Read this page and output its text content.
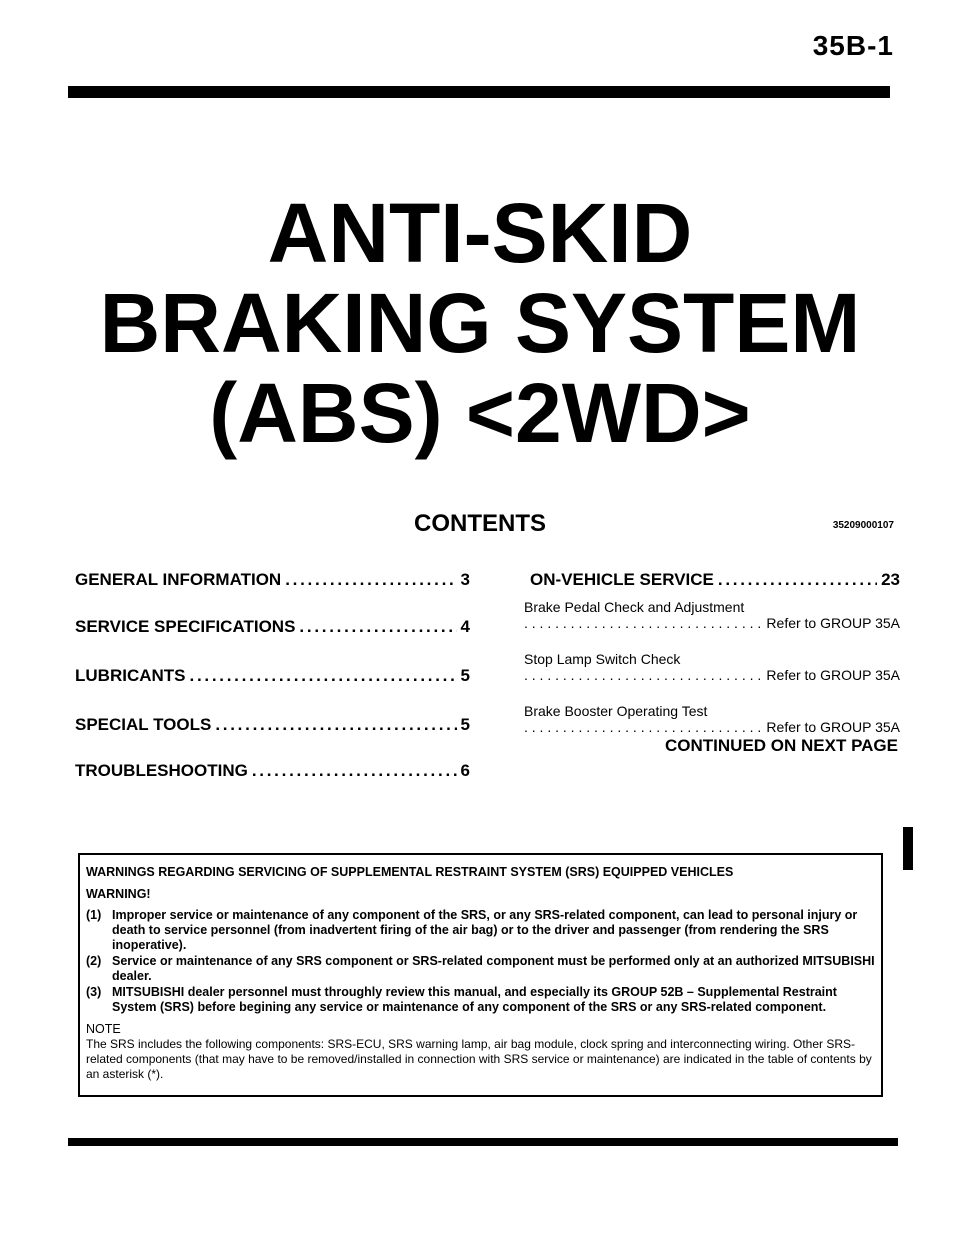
35B-1
ANTI-SKID
BRAKING SYSTEM
(ABS) <2WD>
CONTENTS	35209000107
GENERAL INFORMATION . . .	3
SERVICE SPECIFICATIONS . . .	4
LUBRICANTS . . .	5
SPECIAL TOOLS . . .	5
TROUBLESHOOTING . . .	6
ON-VEHICLE SERVICE . . .	23
Brake Pedal Check and Adjustment
. . .
Refer to GROUP 35A
Stop Lamp Switch Check
. . .
Refer to GROUP 35A
Brake Booster Operating Test
. . .
Refer to GROUP 35A
CONTINUED ON NEXT PAGE
WARNINGS REGARDING SERVICING OF SUPPLEMENTAL RESTRAINT SYSTEM (SRS) EQUIPPED VEHICLES
WARNING!
(1) Improper service or maintenance of any component of the SRS, or any SRS-related component, can lead to personal injury or death to service personnel (from inadvertent firing of the air bag) or to the driver and passenger (from rendering the SRS inoperative).
(2) Service or maintenance of any SRS component or SRS-related component must be performed only at an authorized MITSUBISHI dealer.
(3) MITSUBISHI dealer personnel must throughly review this manual, and especially its GROUP 52B – Supplemental Restraint System (SRS) before begining any service or maintenance of any component of the SRS or any SRS-related component.
NOTE
The SRS includes the following components: SRS-ECU, SRS warning lamp, air bag module, clock spring and interconnecting wiring. Other SRS-related components (that may have to be removed/installed in connection with SRS service or maintenance) are indicated in the table of contents by an asterisk (*).
